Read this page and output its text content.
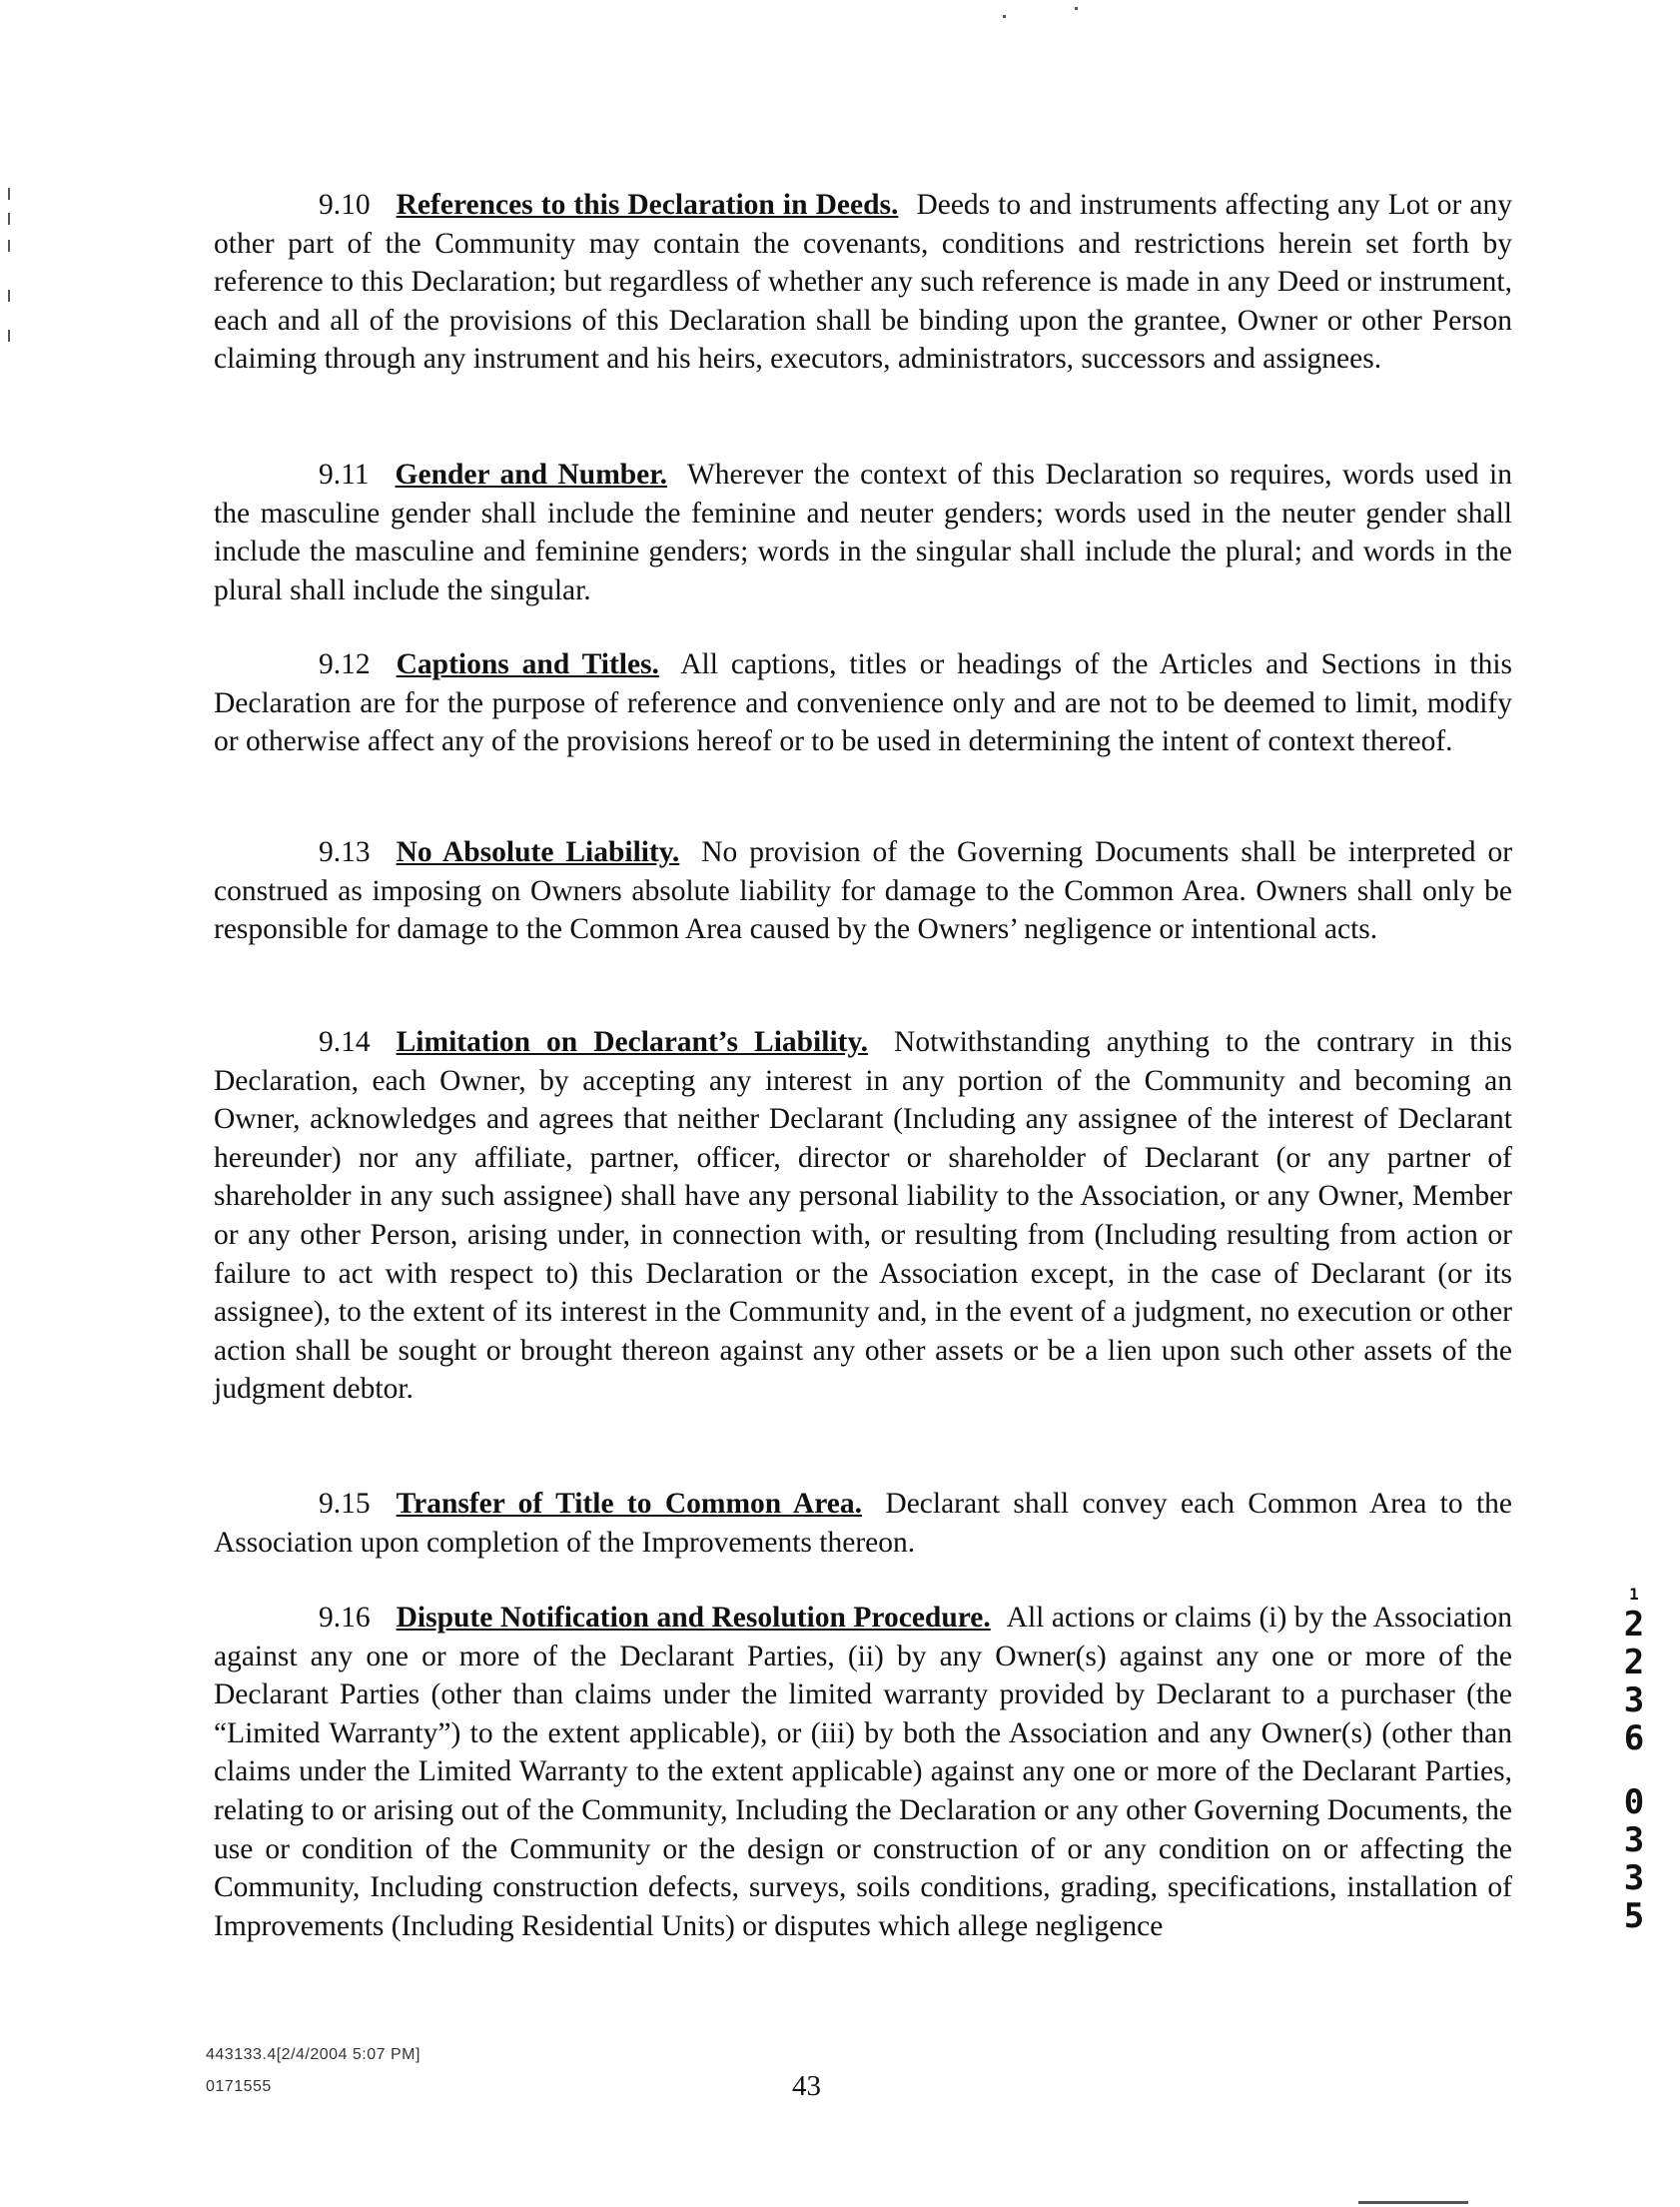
9.10 References to this Declaration in Deeds. Deeds to and instruments affecting any Lot or any other part of the Community may contain the covenants, conditions and restrictions herein set forth by reference to this Declaration; but regardless of whether any such reference is made in any Deed or instrument, each and all of the provisions of this Declaration shall be binding upon the grantee, Owner or other Person claiming through any instrument and his heirs, executors, administrators, successors and assignees.

9.11 Gender and Number. Wherever the context of this Declaration so requires, words used in the masculine gender shall include the feminine and neuter genders; words used in the neuter gender shall include the masculine and feminine genders; words in the singular shall include the plural; and words in the plural shall include the singular.

9.12 Captions and Titles. All captions, titles or headings of the Articles and Sections in this Declaration are for the purpose of reference and convenience only and are not to be deemed to limit, modify or otherwise affect any of the provisions hereof or to be used in determining the intent of context thereof.

9.13 No Absolute Liability. No provision of the Governing Documents shall be interpreted or construed as imposing on Owners absolute liability for damage to the Common Area. Owners shall only be responsible for damage to the Common Area caused by the Owners’ negligence or intentional acts.

9.14 Limitation on Declarant’s Liability. Notwithstanding anything to the contrary in this Declaration, each Owner, by accepting any interest in any portion of the Community and becoming an Owner, acknowledges and agrees that neither Declarant (Including any assignee of the interest of Declarant hereunder) nor any affiliate, partner, officer, director or shareholder of Declarant (or any partner of shareholder in any such assignee) shall have any personal liability to the Association, or any Owner, Member or any other Person, arising under, in connection with, or resulting from (Including resulting from action or failure to act with respect to) this Declaration or the Association except, in the case of Declarant (or its assignee), to the extent of its interest in the Community and, in the event of a judgment, no execution or other action shall be sought or brought thereon against any other assets or be a lien upon such other assets of the judgment debtor.

9.15 Transfer of Title to Common Area. Declarant shall convey each Common Area to the Association upon completion of the Improvements thereon.

9.16 Dispute Notification and Resolution Procedure. All actions or claims (i) by the Association against any one or more of the Declarant Parties, (ii) by any Owner(s) against any one or more of the Declarant Parties (other than claims under the limited warranty provided by Declarant to a purchaser (the “Limited Warranty”) to the extent applicable), or (iii) by both the Association and any Owner(s) (other than claims under the Limited Warranty to the extent applicable) against any one or more of the Declarant Parties, relating to or arising out of the Community, Including the Declaration or any other Governing Documents, the use or condition of the Community or the design or construction of or any condition on or affecting the Community, Including construction defects, surveys, soils conditions, grading, specifications, installation of Improvements (Including Residential Units) or disputes which allege negligence

443133.4[2/4/2004 5:07 PM]
0171555	43
1
2
2
3
6
0
3
3
5
